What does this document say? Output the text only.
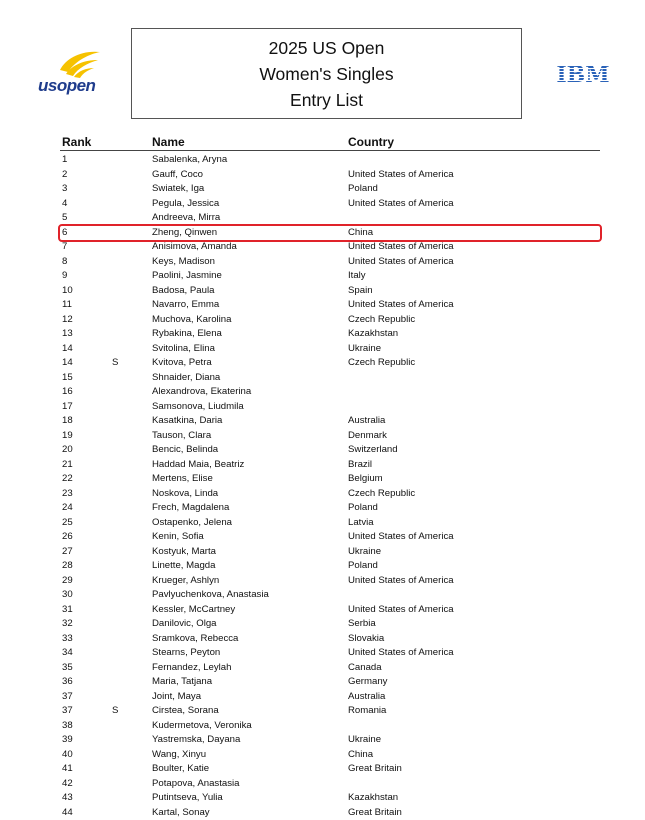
usopen
2025 US Open
Women's Singles
Entry List
IBM
Rank	Name	Country
1	Sabalenka, Aryna
2	Gauff, Coco	United States of America
3	Swiatek, Iga	Poland
4	Pegula, Jessica	United States of America
5	Andreeva, Mirra
6	Zheng, Qinwen	China
7	Anisimova, Amanda	United States of America
8	Keys, Madison	United States of America
9	Paolini, Jasmine	Italy
10	Badosa, Paula	Spain
11	Navarro, Emma	United States of America
12	Muchova, Karolina	Czech Republic
13	Rybakina, Elena	Kazakhstan
14	Svitolina, Elina	Ukraine
14	S	Kvitova, Petra	Czech Republic
15	Shnaider, Diana
16	Alexandrova, Ekaterina
17	Samsonova, Liudmila
18	Kasatkina, Daria	Australia
19	Tauson, Clara	Denmark
20	Bencic, Belinda	Switzerland
21	Haddad Maia, Beatriz	Brazil
22	Mertens, Elise	Belgium
23	Noskova, Linda	Czech Republic
24	Frech, Magdalena	Poland
25	Ostapenko, Jelena	Latvia
26	Kenin, Sofia	United States of America
27	Kostyuk, Marta	Ukraine
28	Linette, Magda	Poland
29	Krueger, Ashlyn	United States of America
30	Pavlyuchenkova, Anastasia
31	Kessler, McCartney	United States of America
32	Danilovic, Olga	Serbia
33	Sramkova, Rebecca	Slovakia
34	Stearns, Peyton	United States of America
35	Fernandez, Leylah	Canada
36	Maria, Tatjana	Germany
37	Joint, Maya	Australia
37	S	Cirstea, Sorana	Romania
38	Kudermetova, Veronika
39	Yastremska, Dayana	Ukraine
40	Wang, Xinyu	China
41	Boulter, Katie	Great Britain
42	Potapova, Anastasia
43	Putintseva, Yulia	Kazakhstan
44	Kartal, Sonay	Great Britain
